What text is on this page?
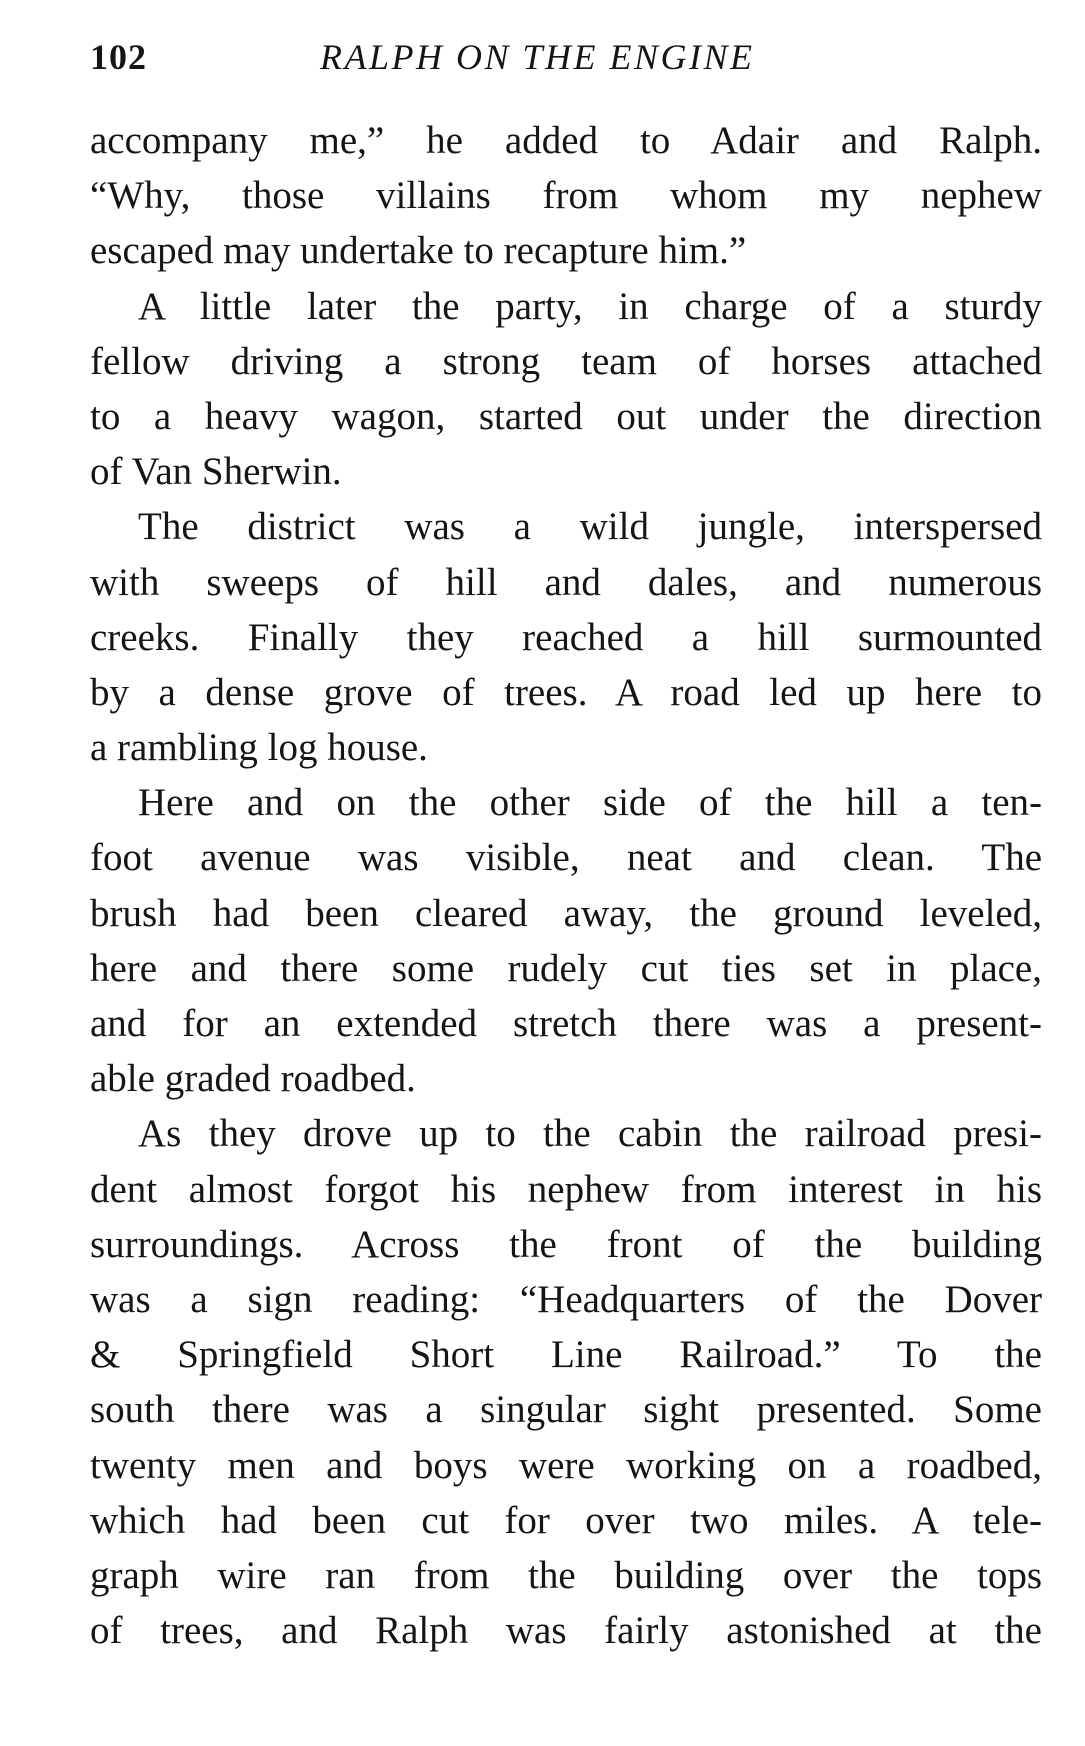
102	RALPH ON THE ENGINE
accompany me,” he added to Adair and Ralph.
“Why, those villains from whom my nephew
escaped may undertake to recapture him.”
A little later the party, in charge of a sturdy
fellow driving a strong team of horses attached
to a heavy wagon, started out under the direction
of Van Sherwin.
The district was a wild jungle, interspersed
with sweeps of hill and dales, and numerous
creeks. Finally they reached a hill surmounted
by a dense grove of trees. A road led up here to
a rambling log house.
Here and on the other side of the hill a ten-
foot avenue was visible, neat and clean. The
brush had been cleared away, the ground leveled,
here and there some rudely cut ties set in place,
and for an extended stretch there was a present-
able graded roadbed.
As they drove up to the cabin the railroad presi-
dent almost forgot his nephew from interest in his
surroundings. Across the front of the building
was a sign reading: “Headquarters of the Dover
& Springfield Short Line Railroad.” To the
south there was a singular sight presented. Some
twenty men and boys were working on a roadbed,
which had been cut for over two miles. A tele-
graph wire ran from the building over the tops
of trees, and Ralph was fairly astonished at the
